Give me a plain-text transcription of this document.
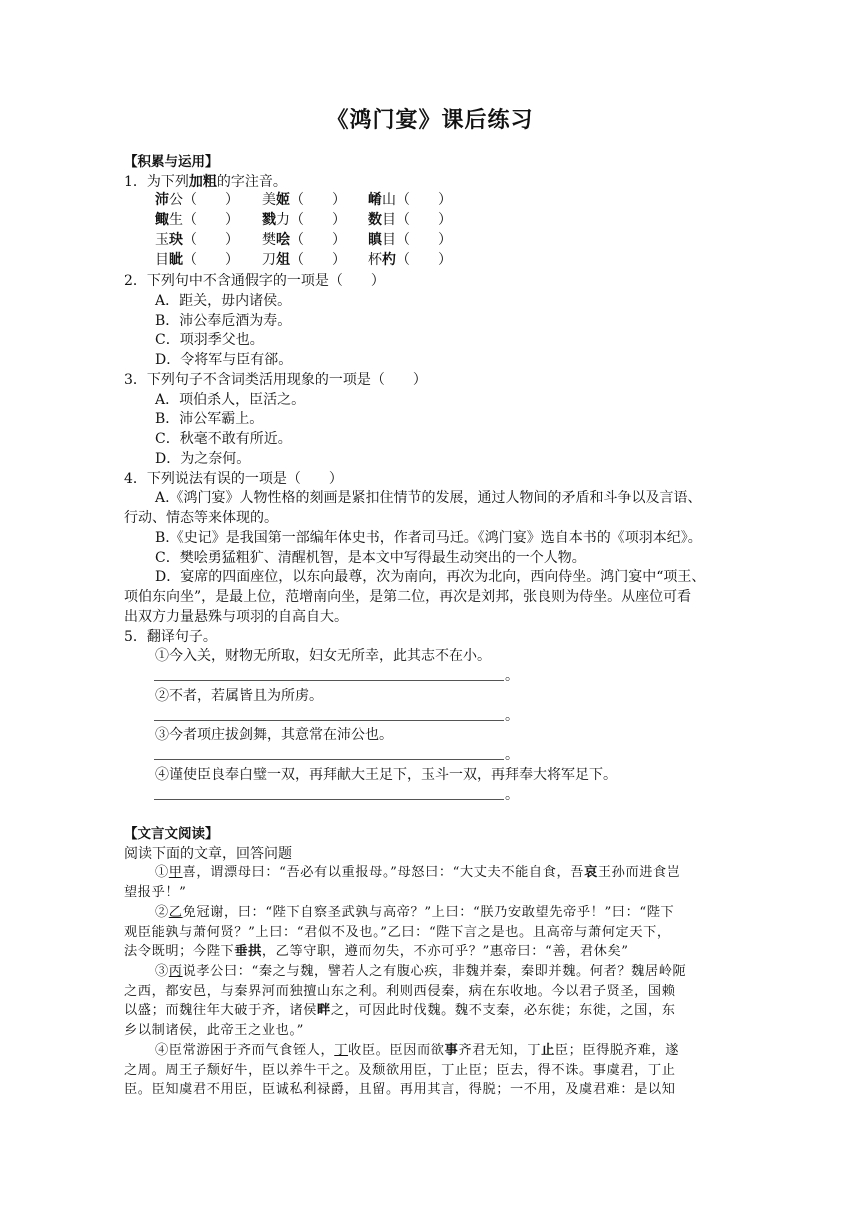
《鸿门宴》课后练习
【积累与运用】
1．为下列加粗的字注音。
沛公（　　）	美姬（　　）	崤山（　　）
鲰生（　　）	戮力（　　）	数目（　　）
玉玦（　　）	樊哙（　　）	瞋目（　　）
目眦（　　）	刀俎（　　）	杯杓（　　）
2．下列句中不含通假字的一项是（　　）
A．距关，毋内诸侯。
B．沛公奉卮酒为寿。
C．项羽季父也。
D．令将军与臣有郤。
3．下列句子不含词类活用现象的一项是（　　）
A．项伯杀人，臣活之。
B．沛公军霸上。
C．秋毫不敢有所近。
D．为之奈何。
4．下列说法有误的一项是（　　）
A.《鸿门宴》人物性格的刻画是紧扣住情节的发展，通过人物间的矛盾和斗争以及言语、
行动、情态等来体现的。
B.《史记》是我国第一部编年体史书，作者司马迁。《鸿门宴》选自本书的《项羽本纪》。
C．樊哙勇猛粗犷、清醒机智，是本文中写得最生动突出的一个人物。
D．宴席的四面座位，以东向最尊，次为南向，再次为北向，西向侍坐。鸿门宴中“项王、
项伯东向坐”，是最上位，范增南向坐，是第二位，再次是刘邦，张良则为侍坐。从座位可看
出双方力量悬殊与项羽的自高自大。
5．翻译句子。
①今入关，财物无所取，妇女无所幸，此其志不在小。
。
②不者，若属皆且为所虏。
。
③今者项庄拔剑舞，其意常在沛公也。
。
④谨使臣良奉白璧一双，再拜献大王足下，玉斗一双，再拜奉大将军足下。
。
【文言文阅读】
阅读下面的文章，回答问题
①甲喜，谓漂母曰：“吾必有以重报母。”母怒曰：“大丈夫不能自食，吾哀王孙而进食岂
望报乎！”
②乙免冠谢，曰：“陛下自察圣武孰与高帝？”上曰：“朕乃安敢望先帝乎！”曰：“陛下
观臣能孰与萧何贤？”上曰：“君似不及也。”乙曰：“陛下言之是也。且高帝与萧何定天下，
法令既明；今陛下垂拱，乙等守职，遵而勿失，不亦可乎？”惠帝曰：“善，君休矣”
③丙说孝公曰：“秦之与魏，譬若人之有腹心疾，非魏并秦，秦即并魏。何者？魏居岭阨
之西，都安邑，与秦界河而独擅山东之利。利则西侵秦，病在东收地。今以君子贤圣，国赖
以盛；而魏往年大破于齐，诸侯畔之，可因此时伐魏。魏不支秦，必东徙；东徙，之国，东
乡以制诸侯，此帝王之业也。”
④臣常游困于齐而气食铚人，丁收臣。臣因而欲事齐君无知，丁止臣；臣得脱齐难，遂
之周。周王子颓好牛，臣以养牛干之。及颓欲用臣，丁止臣；臣去，得不诛。事虞君，丁止
臣。臣知虞君不用臣，臣诚私利禄爵，且留。再用其言，得脱；一不用，及虞君难：是以知
